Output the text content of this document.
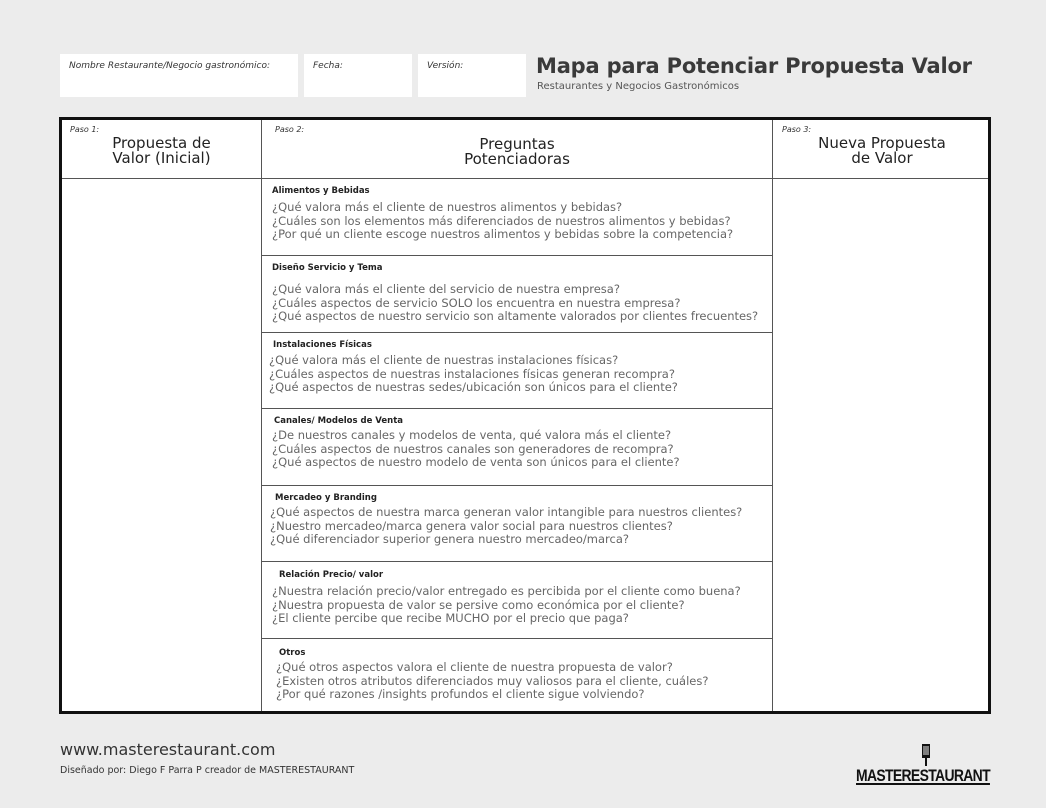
Nombre Restaurante/Negocio gastronómico:	Fecha:	Versión:	Mapa para Potenciar Propuesta Valor
Restaurantes y Negocios Gastronómicos
Paso 1:
Propuesta de
Valor (Inicial)
Paso 2:
Preguntas
Potenciadoras
Paso 3:
Nueva Propuesta
de Valor
Alimentos y Bebidas
¿Qué valora más el cliente de nuestros alimentos y bebidas?
¿Cuáles son los elementos más diferenciados de nuestros alimentos y bebidas?
¿Por qué un cliente escoge nuestros alimentos y bebidas sobre la competencia?
Diseño Servicio y Tema
¿Qué valora más el cliente del servicio de nuestra empresa?
¿Cuáles aspectos de servicio SOLO los encuentra en nuestra empresa?
¿Qué aspectos de nuestro servicio son altamente valorados por clientes frecuentes?
Instalaciones Físicas
¿Qué valora más el cliente de nuestras instalaciones físicas?
¿Cuáles aspectos de nuestras instalaciones físicas generan recompra?
¿Qué aspectos de nuestras sedes/ubicación son únicos para el cliente?
Canales/ Modelos de Venta
¿De nuestros canales y modelos de venta, qué valora más el cliente?
¿Cuáles aspectos de nuestros canales son generadores de recompra?
¿Qué aspectos de nuestro modelo de venta son únicos para el cliente?
Mercadeo y Branding
¿Qué aspectos de nuestra marca generan valor intangible para nuestros clientes?
¿Nuestro mercadeo/marca genera valor social para nuestros clientes?
¿Qué diferenciador superior genera nuestro mercadeo/marca?
Relación Precio/ valor
¿Nuestra relación precio/valor entregado es percibida por el cliente como buena?
¿Nuestra propuesta de valor se persive como económica por el cliente?
¿El cliente percibe que recibe MUCHO por el precio que paga?
Otros
¿Qué otros aspectos valora el cliente de nuestra propuesta de valor?
¿Existen otros atributos diferenciados muy valiosos para el cliente, cuáles?
¿Por qué razones /insights profundos el cliente sigue volviendo?
www.masterestaurant.com
Diseñado por: Diego F Parra P creador de MASTERESTAURANT	MASTERESTAURANT
